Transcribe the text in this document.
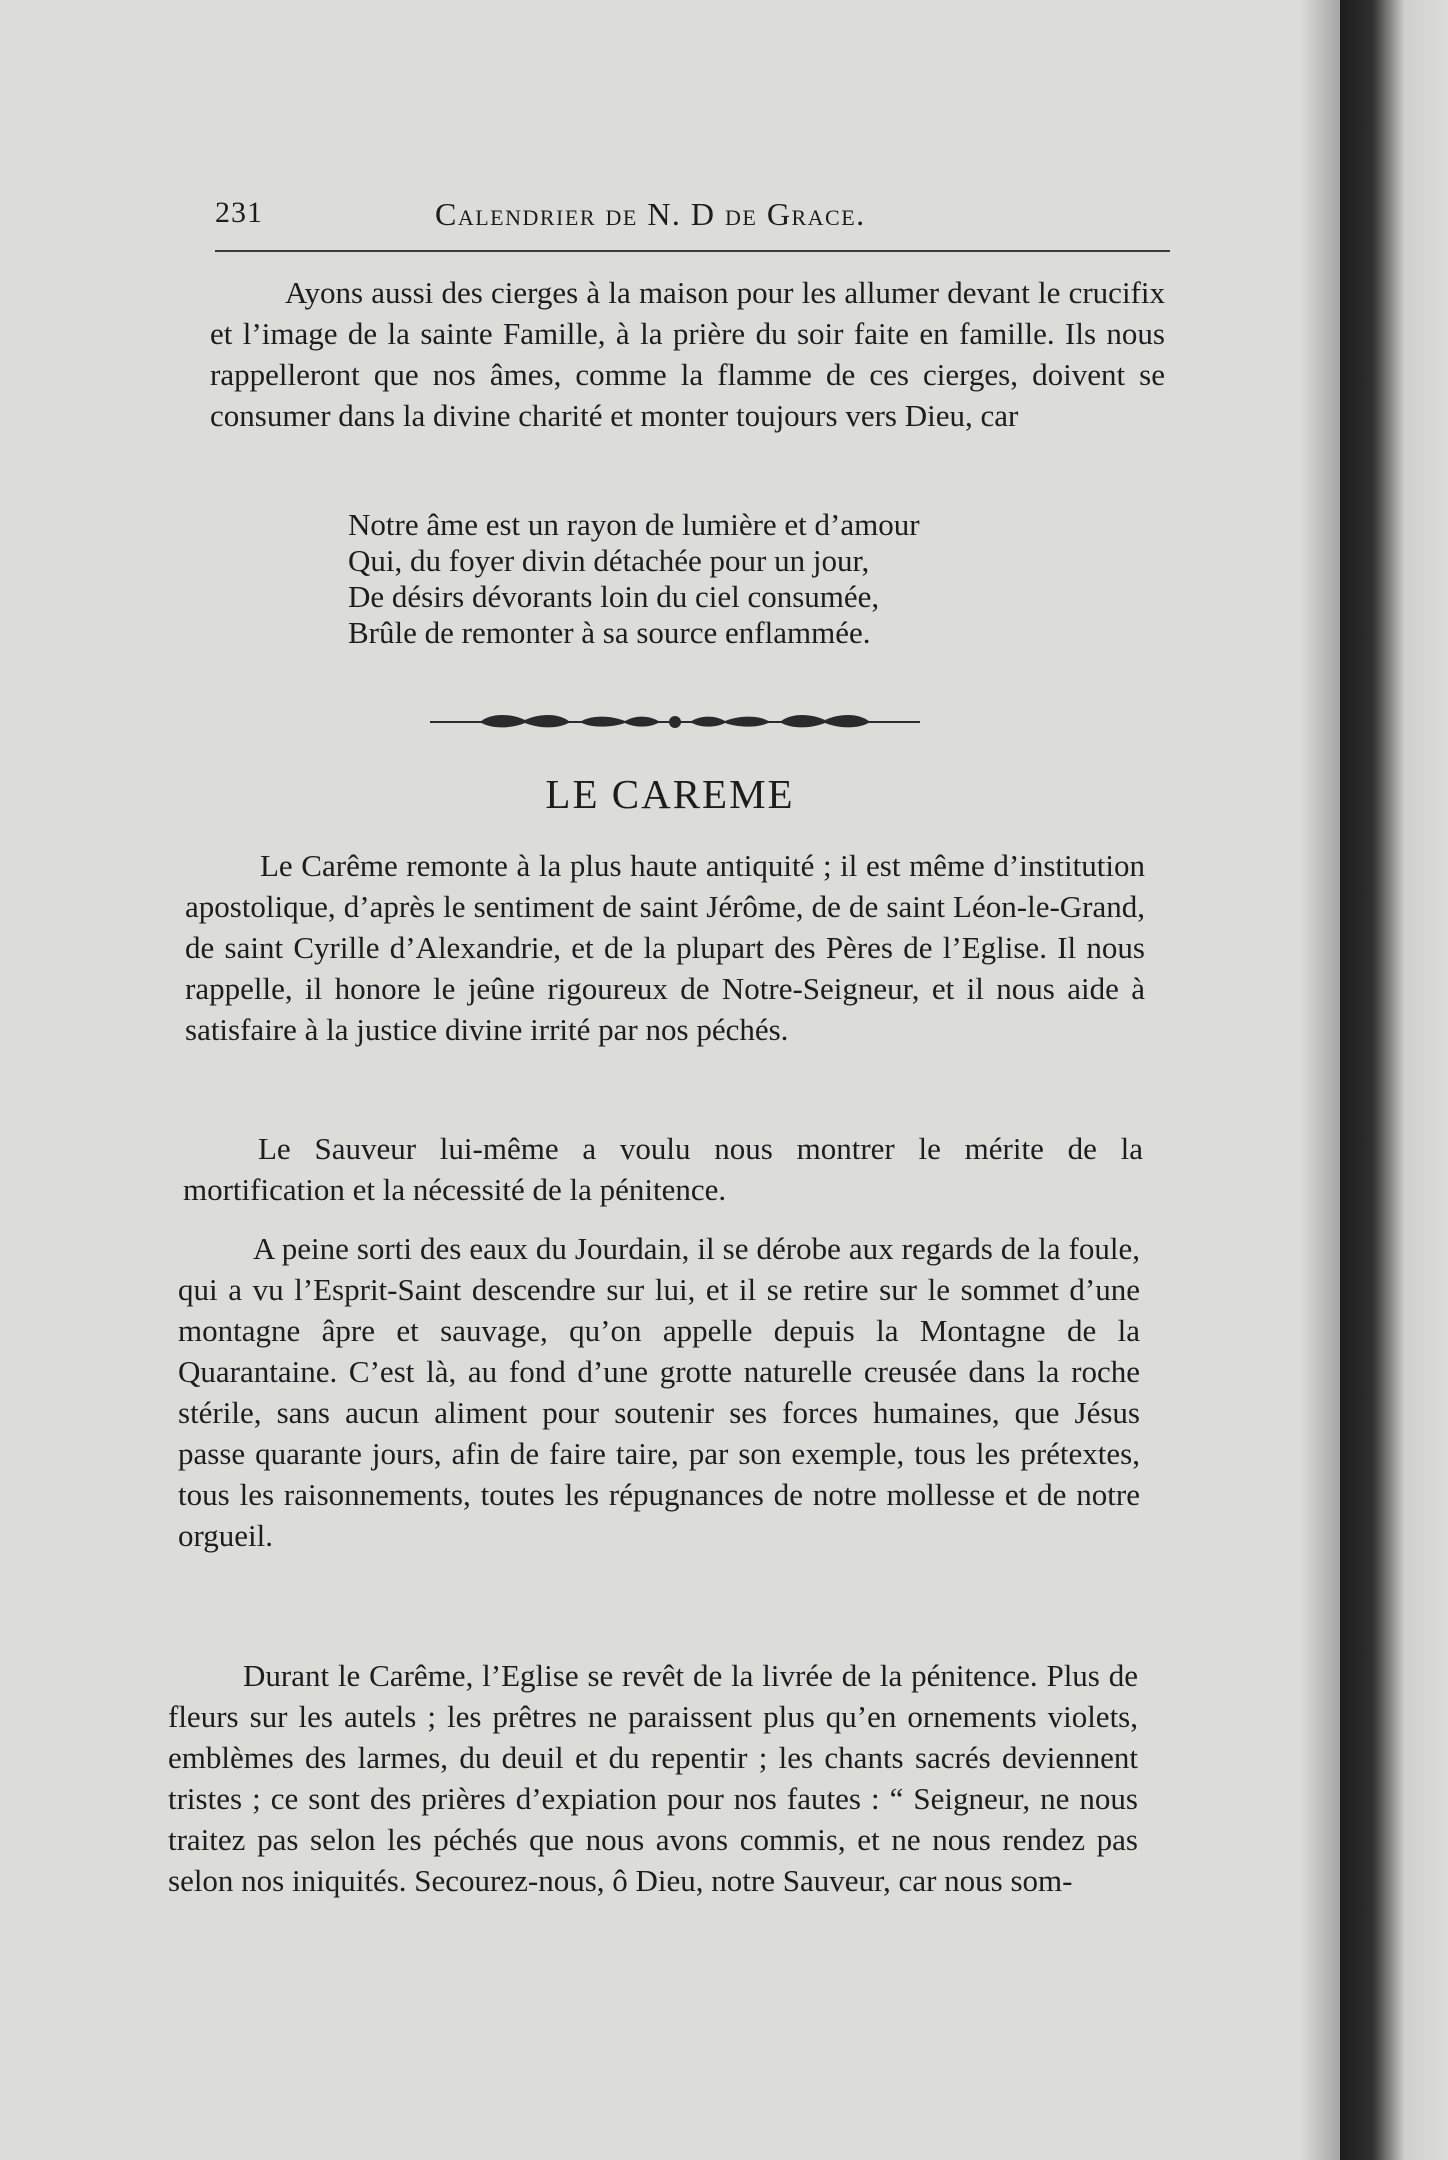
231	Calendrier de N. D de Grace.

Ayons aussi des cierges à la maison pour les allumer devant le crucifix et l’image de la sainte Famille, à la prière du soir faite en famille. Ils nous rappelleront que nos âmes, comme la flamme de ces cierges, doivent se consumer dans la divine charité et monter toujours vers Dieu, car

Notre âme est un rayon de lumière et d’amour
Qui, du foyer divin détachée pour un jour,
De désirs dévorants loin du ciel consumée,
Brûle de remonter à sa source enflammée.
LE CAREME

Le Carême remonte à la plus haute antiquité ; il est même d’institution apostolique, d’après le sentiment de saint Jérôme, de de saint Léon-le-Grand, de saint Cyrille d’Alexandrie, et de la plupart des Pères de l’Eglise. Il nous rappelle, il honore le jeûne rigoureux de Notre-Seigneur, et il nous aide à satisfaire à la justice divine irrité par nos péchés.

Le Sauveur lui-même a voulu nous montrer le mérite de la mortification et la nécessité de la pénitence.

A peine sorti des eaux du Jourdain, il se dérobe aux regards de la foule, qui a vu l’Esprit-Saint descendre sur lui, et il se retire sur le sommet d’une montagne âpre et sauvage, qu’on appelle depuis la Montagne de la Quarantaine. C’est là, au fond d’une grotte naturelle creusée dans la roche stérile, sans aucun aliment pour soutenir ses forces humaines, que Jésus passe quarante jours, afin de faire taire, par son exemple, tous les prétextes, tous les raisonnements, toutes les répugnances de notre mollesse et de notre orgueil.

Durant le Carême, l’Eglise se revêt de la livrée de la pénitence. Plus de fleurs sur les autels ; les prêtres ne paraissent plus qu’en ornements violets, emblèmes des larmes, du deuil et du repentir ; les chants sacrés deviennent tristes ; ce sont des prières d’expiation pour nos fautes : “ Seigneur, ne nous traitez pas selon les péchés que nous avons commis, et ne nous rendez pas selon nos iniquités. Secourez-nous, ô Dieu, notre Sauveur, car nous som-
